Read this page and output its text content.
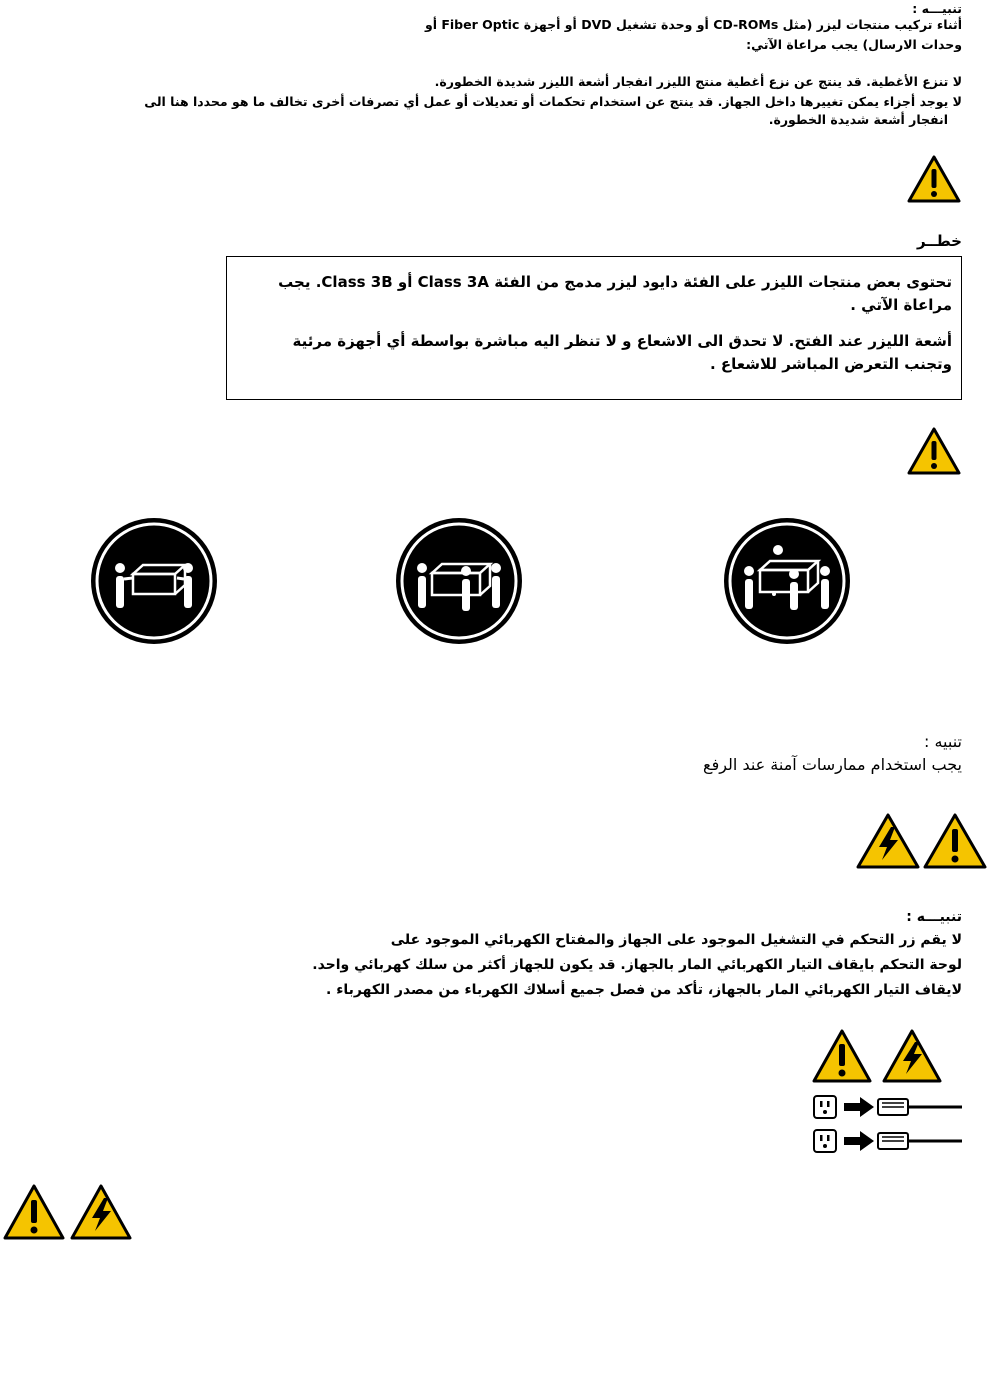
تنبيـــه :
أثناء تركيب منتجات ليزر (مثل CD-ROMs أو وحدة تشغيل DVD أو أجهزة Fiber Optic أو
وحدات الارسال) يجب مراعاة الآتي:
لا تنزع الأغطية. قد ينتج عن نزع أغطية منتج الليزر انفجار أشعة الليزر شديدة الخطورة.
لا يوجد أجزاء يمكن تغييرها داخل الجهاز. قد ينتج عن استخدام تحكمات أو تعديلات أو عمل أي تصرفات أخرى تخالف ما هو محددا هنا الى
انفجار أشعة شديدة الخطورة.
خطــر
تحتوى بعض منتجات الليزر على الفئة دايود ليزر مدمج من الفئة Class 3A أو Class 3B. يجب
مراعاة الآتي .
أشعة الليزر عند الفتح. لا تحدق الى الاشعاع و لا تنظر اليه مباشرة بواسطة أي أجهزة مرئية
وتجنب التعرض المباشر للاشعاع .
تنبيه :
يجب استخدام ممارسات آمنة عند الرفع
تنبيـــه :
لا يقم زر التحكم في التشغيل الموجود على الجهاز والمفتاح الكهربائي الموجود على
لوحة التحكم بايقاف التيار الكهربائي المار بالجهاز. قد يكون للجهاز أكثر من سلك كهربائي واحد.
لايقاف التيار الكهربائي المار بالجهاز، تأكد من فصل جميع أسلاك الكهرباء من مصدر الكهرباء .
